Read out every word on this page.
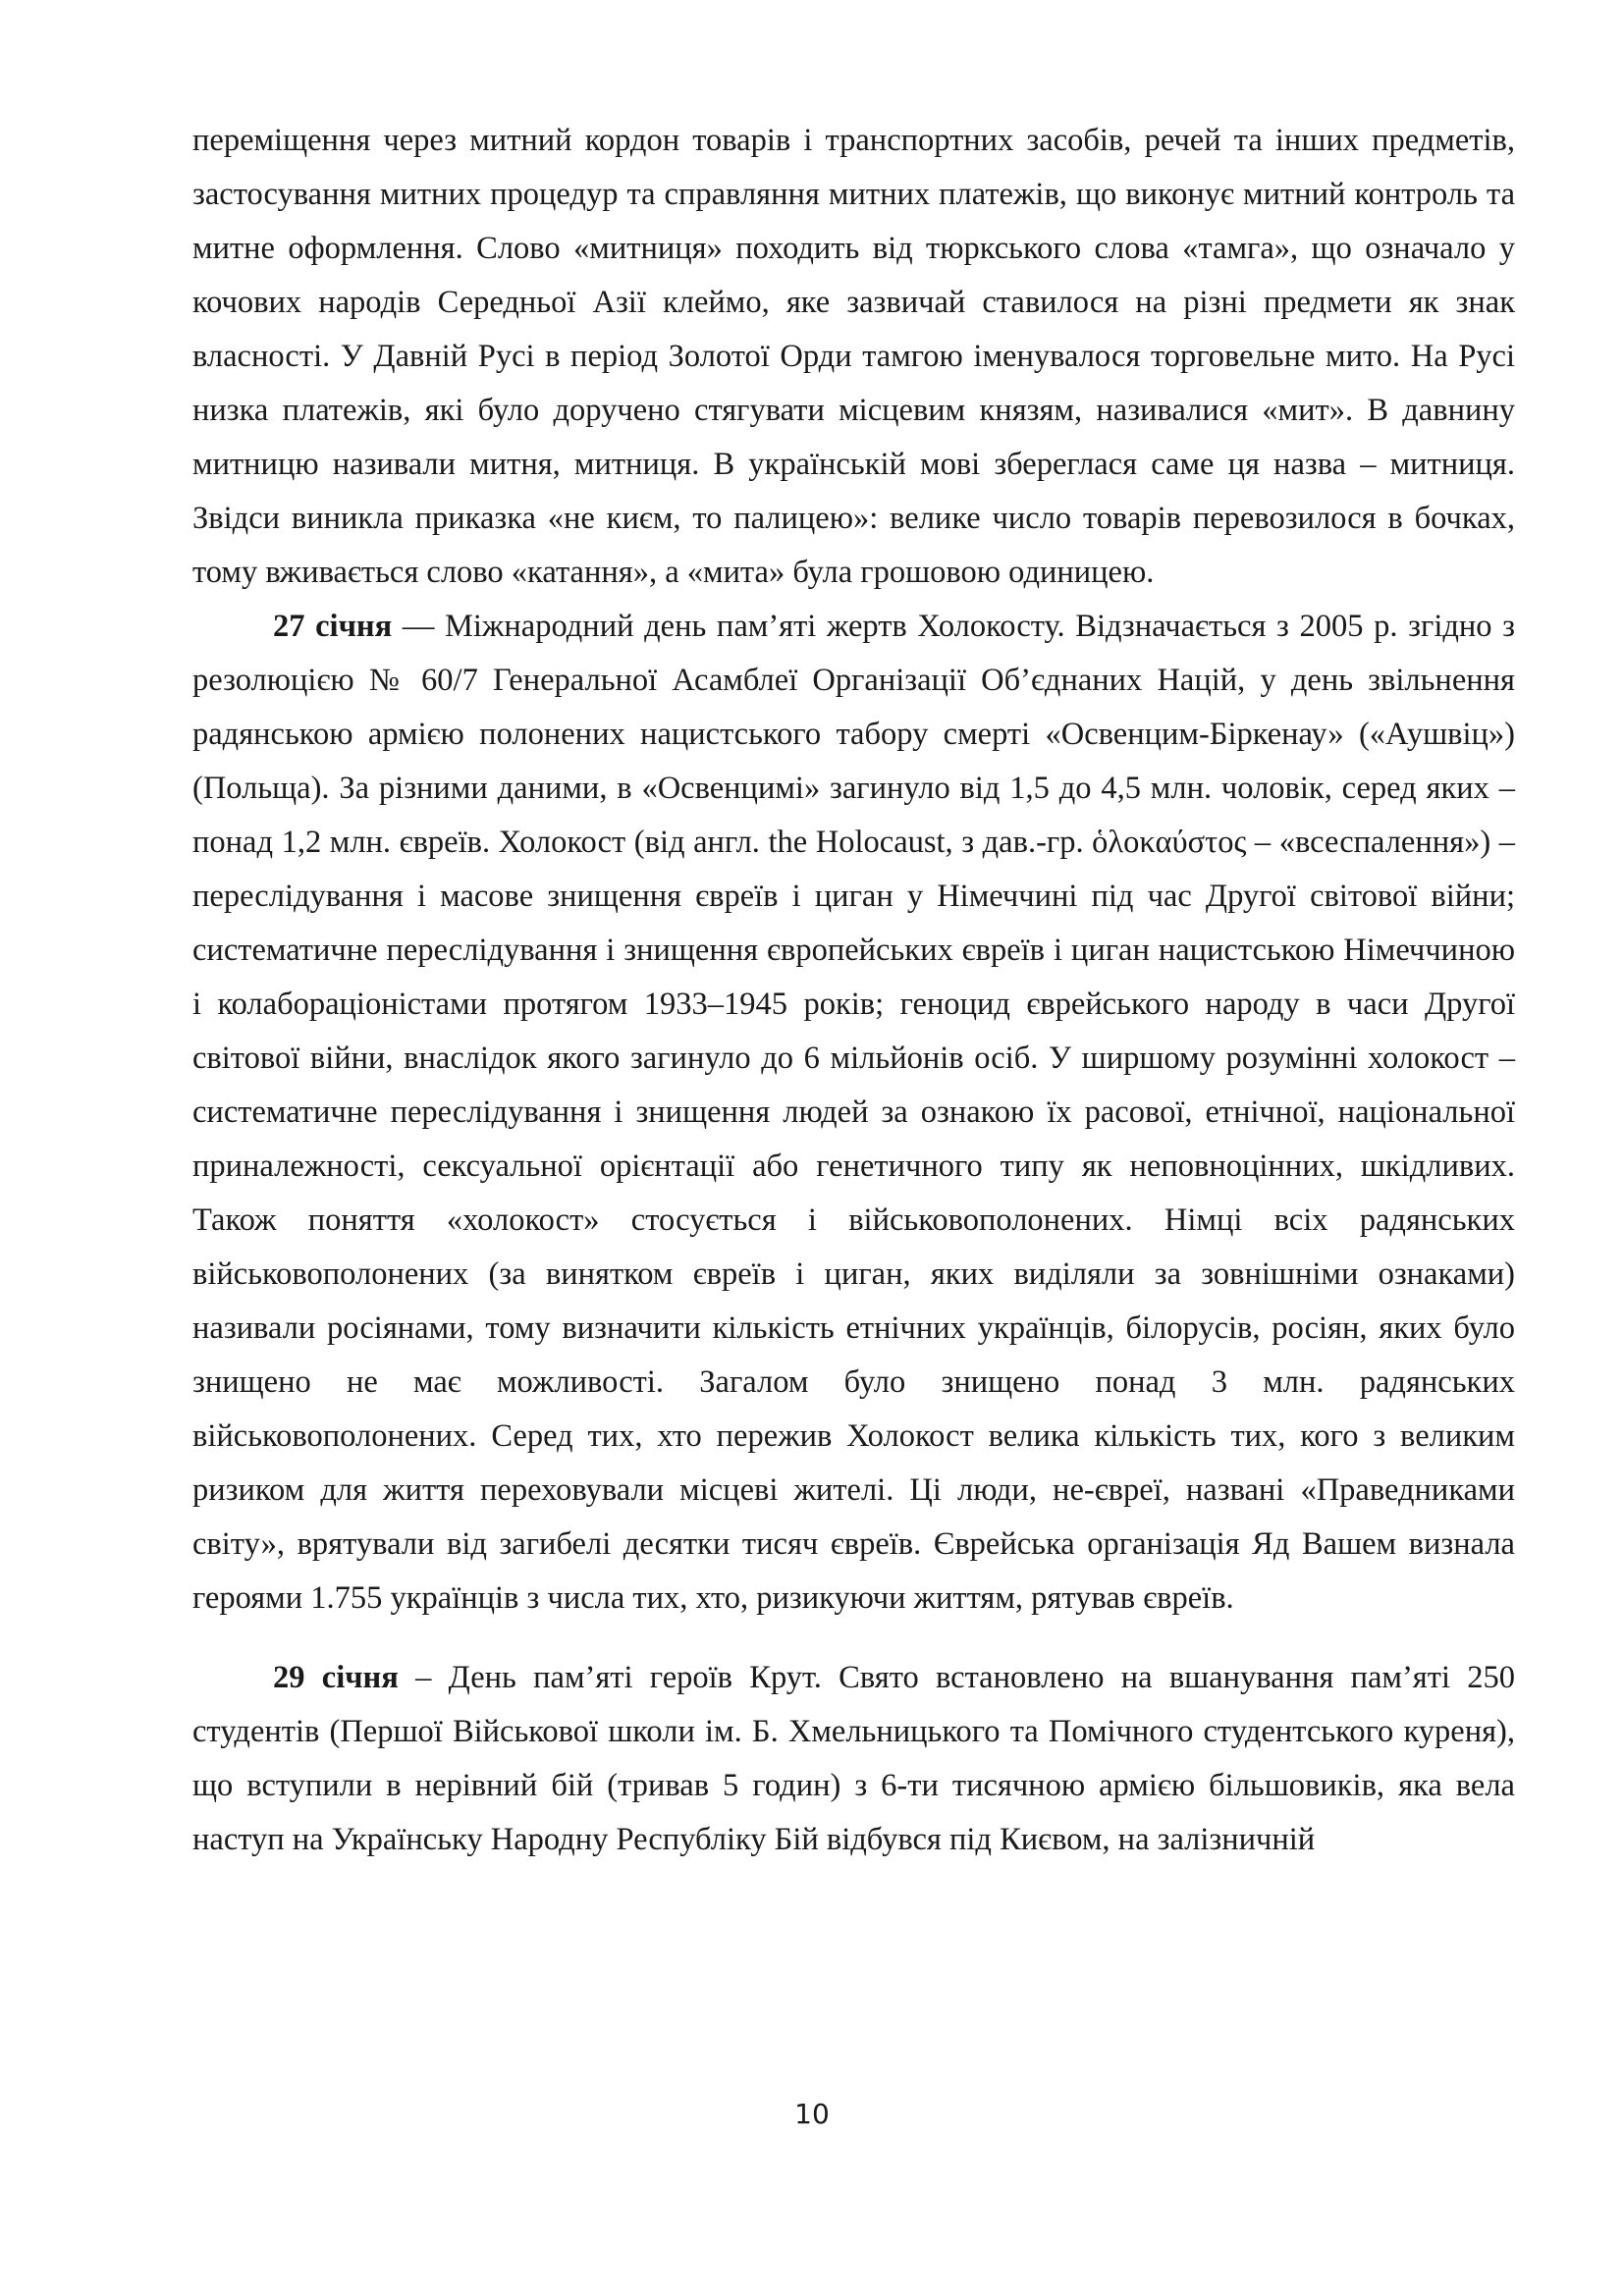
переміщення через митний кордон товарів і транспортних засобів, речей та інших предметів, застосування митних процедур та справляння митних платежів, що виконує митний контроль та митне оформлення. Слово «митниця» походить від тюркського слова «тамга», що означало у кочових народів Середньої Азії клеймо, яке зазвичай ставилося на різні предмети як знак власності. У Давній Русі в період Золотої Орди тамгою іменувалося торговельне мито. На Русі низка платежів, які було доручено стягувати місцевим князям, називалися «мит». В давнину митницю називали митня, митниця. В українській мові збереглася саме ця назва – митниця. Звідси виникла приказка «не києм, то палицею»: велике число товарів перевозилося в бочках, тому вживається слово «катання», а «мита» була грошовою одиницею.

27 січня — Міжнародний день пам’яті жертв Холокосту. Відзначається з 2005 р. згідно з резолюцією № 60/7 Генеральної Асамблеї Організації Об’єднаних Націй, у день звільнення радянською армією полонених нацистського табору смерті «Освенцим-Біркенау» («Аушвіц») (Польща). За різними даними, в «Освенцимі» загинуло від 1,5 до 4,5 млн. чоловік, серед яких – понад 1,2 млн. євреїв. Холокост (від англ. the Holocaust, з дав.-гр. ὁλοκαύστος – «всеспалення») – переслідування і масове знищення євреїв і циган у Німеччині під час Другої світової війни; систематичне переслідування і знищення європейських євреїв і циган нацистською Німеччиною і колабораціоністами протягом 1933–1945 років; геноцид єврейського народу в часи Другої світової війни, внаслідок якого загинуло до 6 мільйонів осіб. У ширшому розумінні холокост – систематичне переслідування і знищення людей за ознакою їх расової, етнічної, національної приналежності, сексуальної орієнтації або генетичного типу як неповноцінних, шкідливих. Також поняття «холокост» стосується і військовополонених. Німці всіх радянських військовополонених (за винятком євреїв і циган, яких виділяли за зовнішніми ознаками) називали росіянами, тому визначити кількість етнічних українців, білорусів, росіян, яких було знищено не має можливості. Загалом було знищено понад 3 млн. радянських військовополонених. Серед тих, хто пережив Холокост велика кількість тих, кого з великим ризиком для життя переховували місцеві жителі. Ці люди, не-євреї, названі «Праведниками світу», врятували від загибелі десятки тисяч євреїв. Єврейська організація Яд Вашем визнала героями 1.755 українців з числа тих, хто, ризикуючи життям, рятував євреїв.

29 січня – День пам’яті героїв Крут. Свято встановлено на вшанування пам’яті 250 студентів (Першої Військової школи ім. Б. Хмельницького та Помічного студентського куреня), що вступили в нерівний бій (тривав 5 годин) з 6-ти тисячною армією більшовиків, яка вела наступ на Українську Народну Республіку Бій відбувся під Києвом, на залізничній

10
